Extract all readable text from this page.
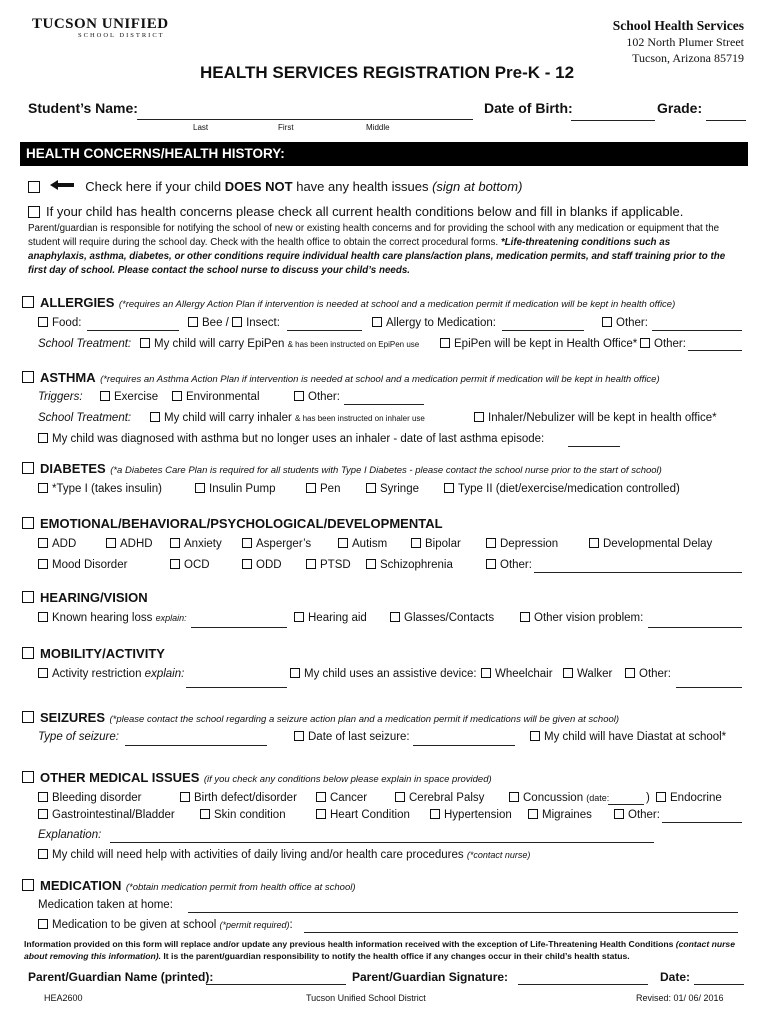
TUCSON UNIFIED
SCHOOL DISTRICT
School Health Services
102 North Plumer Street
Tucson, Arizona 85719
HEALTH SERVICES REGISTRATION Pre-K - 12
Student’s Name:
Last	First	Middle
Date of Birth:	Grade:
HEALTH CONCERNS/HEALTH HISTORY:
Check here if your child DOES NOT have any health issues (sign at bottom)
If your child has health concerns please check all current health conditions below and fill in blanks if applicable.
Parent/guardian is responsible for notifying the school of new or existing health concerns and for providing the school with any medication or equipment that the student will require during the school day. Check with the health office to obtain the correct procedural forms. *Life-threatening conditions such as anaphylaxis, asthma, diabetes, or other conditions require individual health care plans/action plans, medication permits, and staff training prior to the first day of school. Please contact the school nurse to discuss your child’s needs.
ALLERGIES (*requires an Allergy Action Plan if intervention is needed at school and a medication permit if medication will be kept in health office)
Food:	Bee / Insect:	Allergy to Medication:	Other:
School Treatment:	My child will carry EpiPen & has been instructed on EpiPen use	EpiPen will be kept in Health Office*	Other:
ASTHMA (*requires an Asthma Action Plan if intervention is needed at school and a medication permit if medication will be kept in health office)
Triggers:	Exercise	Environmental	Other:
School Treatment:	My child will carry inhaler & has been instructed on inhaler use	Inhaler/Nebulizer will be kept in health office*
My child was diagnosed with asthma but no longer uses an inhaler - date of last asthma episode:
DIABETES (*a Diabetes Care Plan is required for all students with Type I Diabetes - please contact the school nurse prior to the start of school)
*Type I (takes insulin)	Insulin Pump	Pen	Syringe	Type II (diet/exercise/medication controlled)
EMOTIONAL/BEHAVIORAL/PSYCHOLOGICAL/DEVELOPMENTAL
ADD	ADHD	Anxiety	Asperger’s	Autism	Bipolar	Depression	Developmental Delay
Mood Disorder	OCD	ODD	PTSD	Schizophrenia	Other:
HEARING/VISION
Known hearing loss explain:	Hearing aid	Glasses/Contacts	Other vision problem:
MOBILITY/ACTIVITY
Activity restriction explain:	My child uses an assistive device:	Wheelchair	Walker	Other:
SEIZURES (*please contact the school regarding a seizure action plan and a medication permit if medications will be given at school)
Type of seizure:	Date of last seizure:	My child will have Diastat at school*
OTHER MEDICAL ISSUES (if you check any conditions below please explain in space provided)
Bleeding disorder	Birth defect/disorder	Cancer	Cerebral Palsy	Concussion (date:	)	Endocrine
Gastrointestinal/Bladder	Skin condition	Heart Condition	Hypertension	Migraines	Other:
Explanation:
My child will need help with activities of daily living and/or health care procedures (*contact nurse)
MEDICATION (*obtain medication permit from health office at school)
Medication taken at home:
Medication to be given at school (*permit required):
Information provided on this form will replace and/or update any previous health information received with the exception of Life-Threatening Health Conditions (contact nurse about removing this information). It is the parent/guardian responsibility to notify the health office if any changes occur in their child’s health status.
Parent/Guardian Name (printed):	Parent/Guardian Signature:	Date:
HEA2600	Tucson Unified School District	Revised: 01/ 06/ 2016
